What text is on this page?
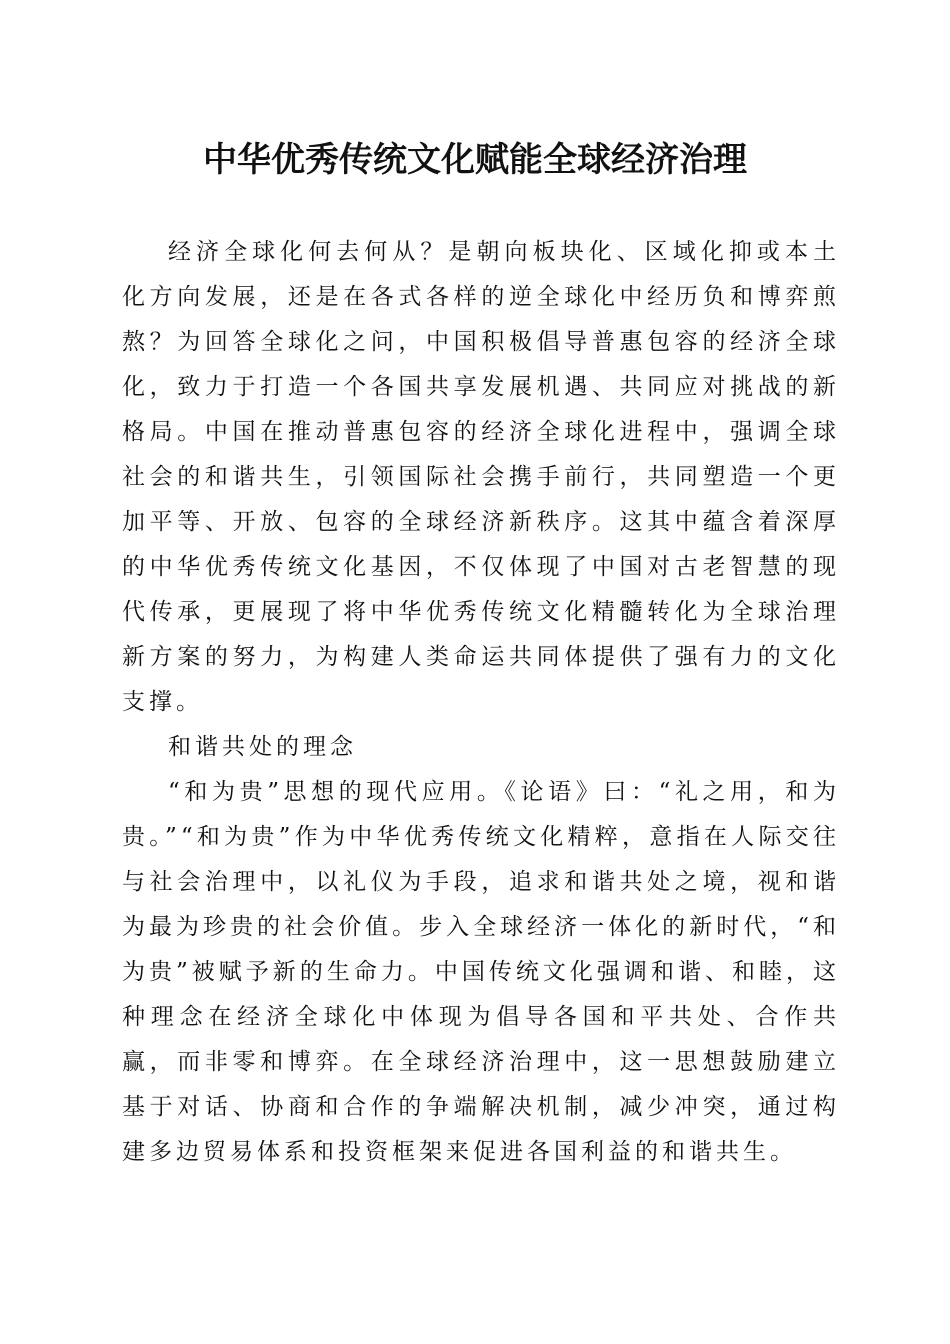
中华优秀传统文化赋能全球经济治理

经济全球化何去何从？是朝向板块化、区域化抑或本土化方向发展，还是在各式各样的逆全球化中经历负和博弈煎熬？为回答全球化之问，中国积极倡导普惠包容的经济全球化，致力于打造一个各国共享发展机遇、共同应对挑战的新格局。中国在推动普惠包容的经济全球化进程中，强调全球社会的和谐共生，引领国际社会携手前行，共同塑造一个更加平等、开放、包容的全球经济新秩序。这其中蕴含着深厚的中华优秀传统文化基因，不仅体现了中国对古老智慧的现代传承，更展现了将中华优秀传统文化精髓转化为全球治理新方案的努力，为构建人类命运共同体提供了强有力的文化支撑。

和谐共处的理念

“和为贵”思想的现代应用。《论语》曰：“礼之用，和为贵。”“和为贵”作为中华优秀传统文化精粹，意指在人际交往与社会治理中，以礼仪为手段，追求和谐共处之境，视和谐为最为珍贵的社会价值。步入全球经济一体化的新时代，“和为贵”被赋予新的生命力。中国传统文化强调和谐、和睦，这种理念在经济全球化中体现为倡导各国和平共处、合作共赢，而非零和博弈。在全球经济治理中，这一思想鼓励建立基于对话、协商和合作的争端解决机制，减少冲突，通过构建多边贸易体系和投资框架来促进各国利益的和谐共生。
